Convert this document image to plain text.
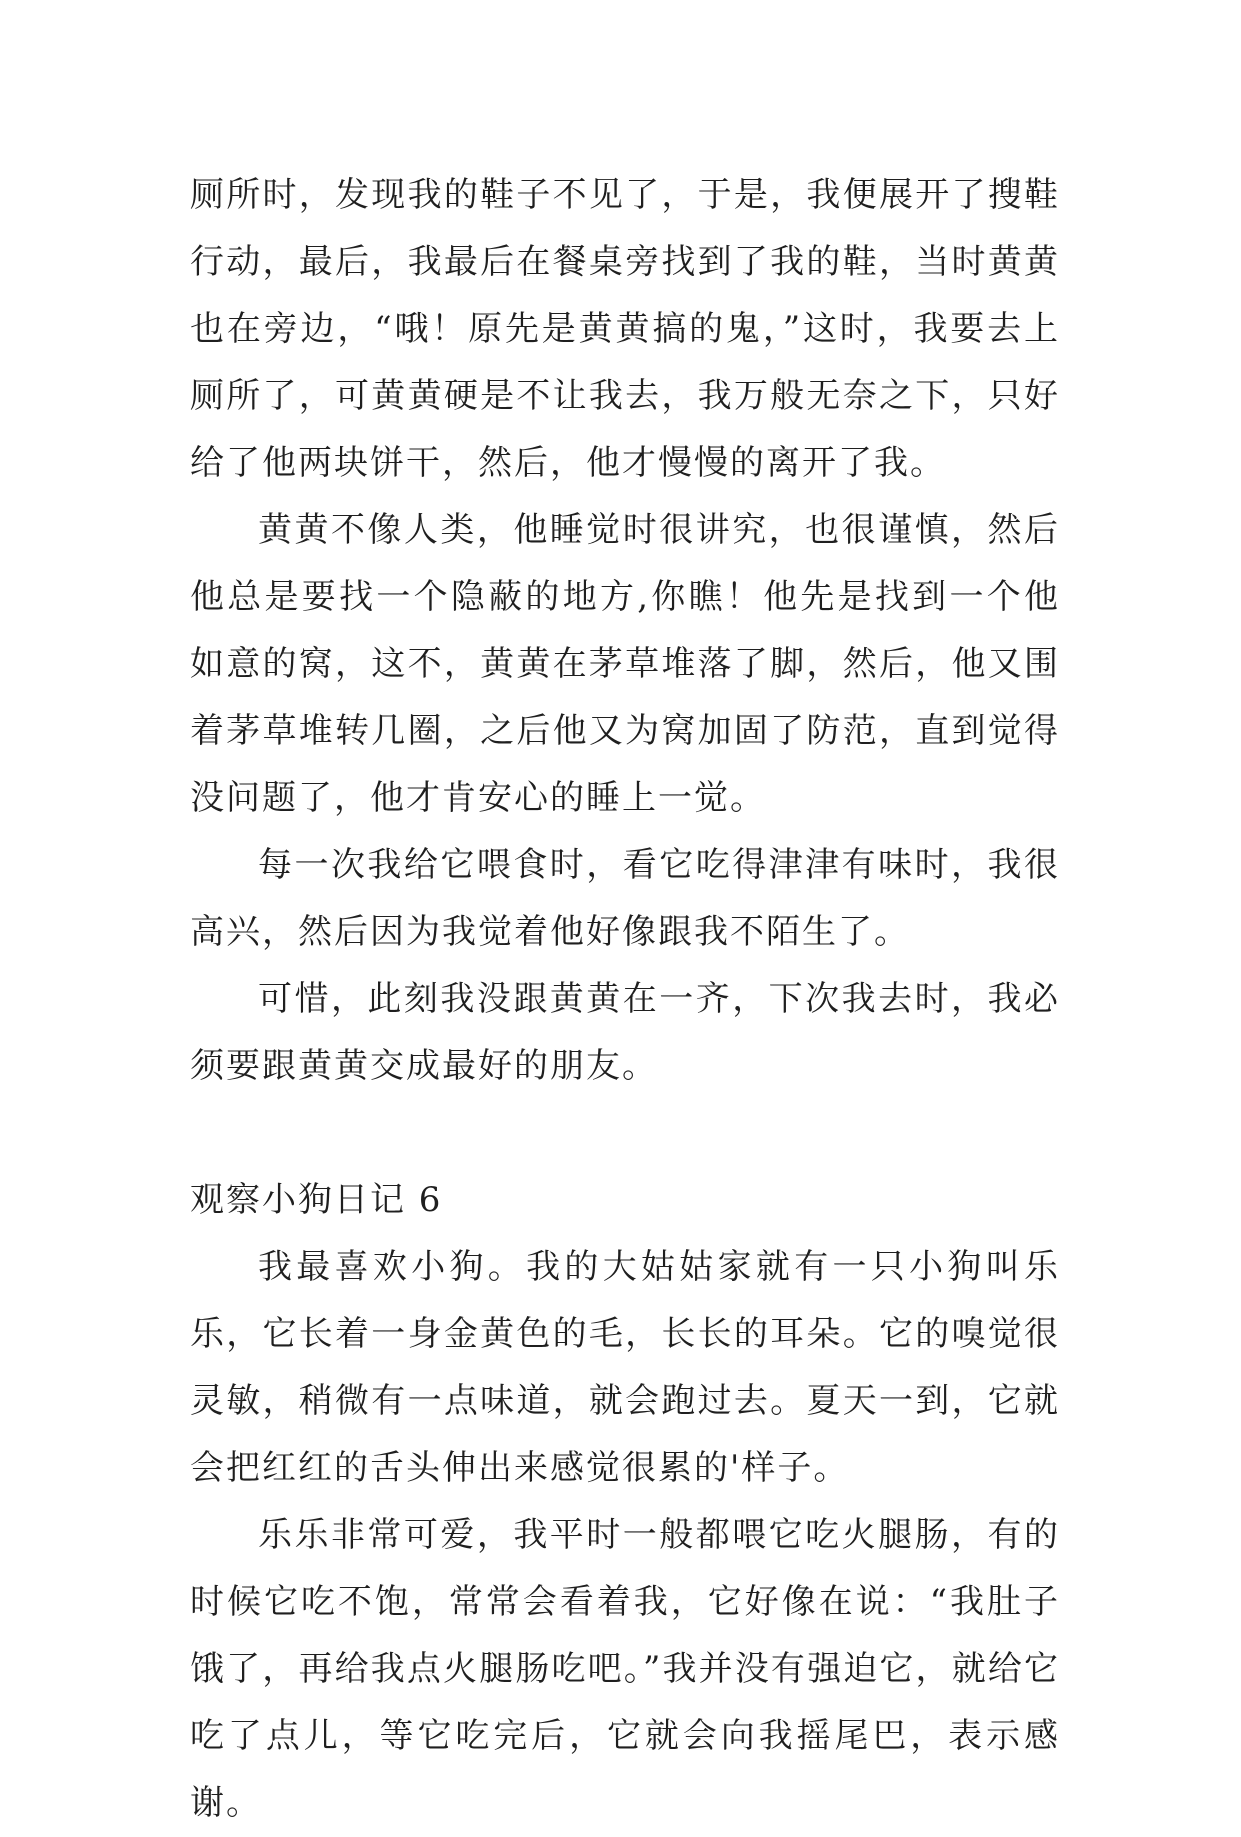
厕所时，发现我的鞋子不见了，于是，我便展开了搜鞋行动，最后，我最后在餐桌旁找到了我的鞋，当时黄黄也在旁边，“哦！原先是黄黄搞的鬼，”这时，我要去上厕所了，可黄黄硬是不让我去，我万般无奈之下，只好给了他两块饼干，然后，他才慢慢的离开了我。

黄黄不像人类，他睡觉时很讲究，也很谨慎，然后他总是要找一个隐蔽的地方,你瞧！他先是找到一个他如意的窝，这不，黄黄在茅草堆落了脚，然后，他又围着茅草堆转几圈，之后他又为窝加固了防范，直到觉得没问题了，他才肯安心的睡上一觉。

每一次我给它喂食时，看它吃得津津有味时，我很高兴，然后因为我觉着他好像跟我不陌生了。

可惜，此刻我没跟黄黄在一齐，下次我去时，我必须要跟黄黄交成最好的朋友。

观察小狗日记 6

我最喜欢小狗。我的大姑姑家就有一只小狗叫乐乐，它长着一身金黄色的毛，长长的耳朵。它的嗅觉很灵敏，稍微有一点味道，就会跑过去。夏天一到，它就会把红红的舌头伸出来感觉很累的'样子。

乐乐非常可爱，我平时一般都喂它吃火腿肠，有的时候它吃不饱，常常会看着我，它好像在说：“我肚子饿了，再给我点火腿肠吃吧。”我并没有强迫它，就给它吃了点儿，等它吃完后，它就会向我摇尾巴，表示感谢。
